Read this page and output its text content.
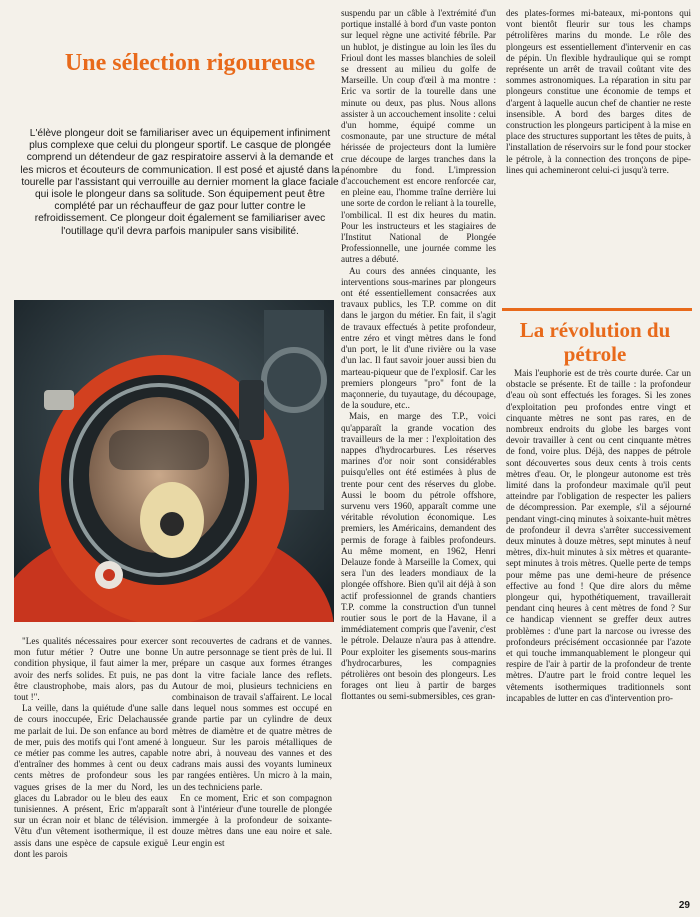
Une sélection rigoureuse

L'élève plongeur doit se familiariser avec un équipement infiniment plus complexe que celui du plongeur sportif. Le casque de plongée comprend un détendeur de gaz respiratoire asservi à la demande et les micros et écouteurs de communication. Il est posé et ajusté dans la tourelle par l'assistant qui verrouille au dernier moment la glace faciale qui isole le plongeur dans sa solitude. Son équipement peut être complété par un réchauffeur de gaz pour lutter contre le refroidissement. Ce plongeur doit également se familiariser avec l'outillage qu'il devra parfois manipuler sans visibilité.

"Les qualités nécessaires pour exercer mon futur métier ? Outre une bonne condition physique, il faut aimer la mer, avoir des nerfs solides. Et puis, ne pas être claustrophobe, mais alors, pas du tout !".

La veille, dans la quiétude d'une salle de cours inoccupée, Eric Delachaussée me parlait de lui. De son enfance au bord de mer, puis des motifs qui l'ont amené à ce métier pas comme les autres, capable d'entraîner des hommes à cent ou deux cents mètres de profondeur sous les vagues grises de la mer du Nord, les glaces du Labrador ou le bleu des eaux tunisiennes. A présent, Eric m'apparaît sur un écran noir et blanc de télévision. Vêtu d'un vêtement isothermique, il est assis dans une espèce de capsule exiguë dont les parois

sont recouvertes de cadrans et de vannes. Un autre personnage se tient près de lui. Il prépare un casque aux formes étranges dont la vitre faciale lance des reflets. Autour de moi, plusieurs techniciens en combinaison de travail s'affairent. Le local dans lequel nous sommes est occupé en grande partie par un cylindre de deux mètres de diamètre et de quatre mètres de longueur. Sur les parois métalliques de notre abri, à nouveau des vannes et des cadrans mais aussi des voyants lumineux par rangées entières. Un micro à la main, un des techniciens parle.

En ce moment, Eric et son compagnon sont à l'intérieur d'une tourelle de plongée immergée à la profondeur de soixante-douze mètres dans une eau noire et sale. Leur engin est

suspendu par un câble à l'extrémité d'un portique installé à bord d'un vaste ponton sur lequel règne une activité fébrile. Par un hublot, je distingue au loin les îles du Frioul dont les masses blanchies de soleil se dressent au milieu du golfe de Marseille. Un coup d'œil à ma montre : Eric va sortir de la tourelle dans une minute ou deux, pas plus. Nous allons assister à un accouchement insolite : celui d'un homme, équipé comme un cosmonaute, par une structure de métal hérissée de projecteurs dont la lumière crue découpe de larges tranches dans la pénombre du fond. L'impression d'accouchement est encore renforcée car, en pleine eau, l'homme traîne derrière lui une sorte de cordon le reliant à la tourelle, l'ombilical. Il est dix heures du matin. Pour les instructeurs et les stagiaires de l'Institut National de Plongée Professionnelle, une journée comme les autres a débuté.

Au cours des années cinquante, les interventions sous-marines par plongeurs ont été essentiellement consacrées aux travaux publics, les T.P. comme on dit dans le jargon du métier. En fait, il s'agit de travaux effectués à petite profondeur, entre zéro et vingt mètres dans le fond d'un port, le lit d'une rivière ou la vase d'un lac. Il faut savoir jouer aussi bien du marteau-piqueur que de l'explosif. Car les premiers plongeurs "pro" font de la maçonnerie, du tuyautage, du découpage, de la soudure, etc..

Mais, en marge des T.P., voici qu'apparaît la grande vocation des travailleurs de la mer : l'exploitation des nappes d'hydrocarbures. Les réserves marines d'or noir sont considérables puisqu'elles ont été estimées à plus de trente pour cent des réserves du globe. Aussi le boom du pétrole offshore, survenu vers 1960, apparaît comme une véritable révolution économique. Les premiers, les Américains, demandent des permis de forage à faibles profondeurs. Au même moment, en 1962, Henri Delauze fonde à Marseille la Comex, qui sera l'un des leaders mondiaux de la plongée offshore. Bien qu'il ait déjà à son actif professionnel de grands chantiers T.P. comme la construction d'un tunnel routier sous le port de la Havane, il a immédiatement compris que l'avenir, c'est le pétrole. Delauze n'aura pas à attendre. Pour exploiter les gisements sous-marins d'hydrocarbures, les compagnies pétrolières ont besoin des plongeurs. Les forages ont lieu à partir de barges flottantes ou semi-submersibles, ces gran-

des plates-formes mi-bateaux, mi-pontons qui vont bientôt fleurir sur tous les champs pétrolifères marins du monde. Le rôle des plongeurs est essentiellement d'intervenir en cas de pépin. Un flexible hydraulique qui se rompt représente un arrêt de travail coûtant vite des sommes astronomiques. La réparation in situ par plongeurs constitue une économie de temps et d'argent à laquelle aucun chef de chantier ne reste insensible. A bord des barges dites de construction les plongeurs participent à la mise en place des structures supportant les têtes de puits, à l'installation de réservoirs sur le fond pour stocker le pétrole, à la connection des tronçons de pipe-lines qui achemineront celui-ci jusqu'à terre.

La révolution du pétrole

Mais l'euphorie est de très courte durée. Car un obstacle se présente. Et de taille : la profondeur d'eau où sont effectués les forages. Si les zones d'exploitation peu profondes entre vingt et cinquante mètres ne sont pas rares, en de nombreux endroits du globe les barges vont devoir travailler à cent ou cent cinquante mètres de fond, voire plus. Déjà, des nappes de pétrole sont découvertes sous deux cents à trois cents mètres d'eau. Or, le plongeur autonome est très limité dans la profondeur maximale qu'il peut atteindre par l'obligation de respecter les paliers de décompression. Par exemple, s'il a séjourné pendant vingt-cinq minutes à soixante-huit mètres de profondeur il devra s'arrêter successivement deux minutes à douze mètres, sept minutes à neuf mètres, dix-huit minutes à six mètres et quarante-sept minutes à trois mètres. Quelle perte de temps pour même pas une demi-heure de présence effective au fond ! Que dire alors du même plongeur qui, hypothétiquement, travaillerait pendant cinq heures à cent mètres de fond ? Sur ce handicap viennent se greffer deux autres problèmes : d'une part la narcose ou ivresse des profondeurs précisément occasionnée par l'azote et qui touche immanquablement le plongeur qui respire de l'air à partir de la profondeur de trente mètres. D'autre part le froid contre lequel les vêtements isothermiques traditionnels sont incapables de lutter en cas d'intervention pro-

29
